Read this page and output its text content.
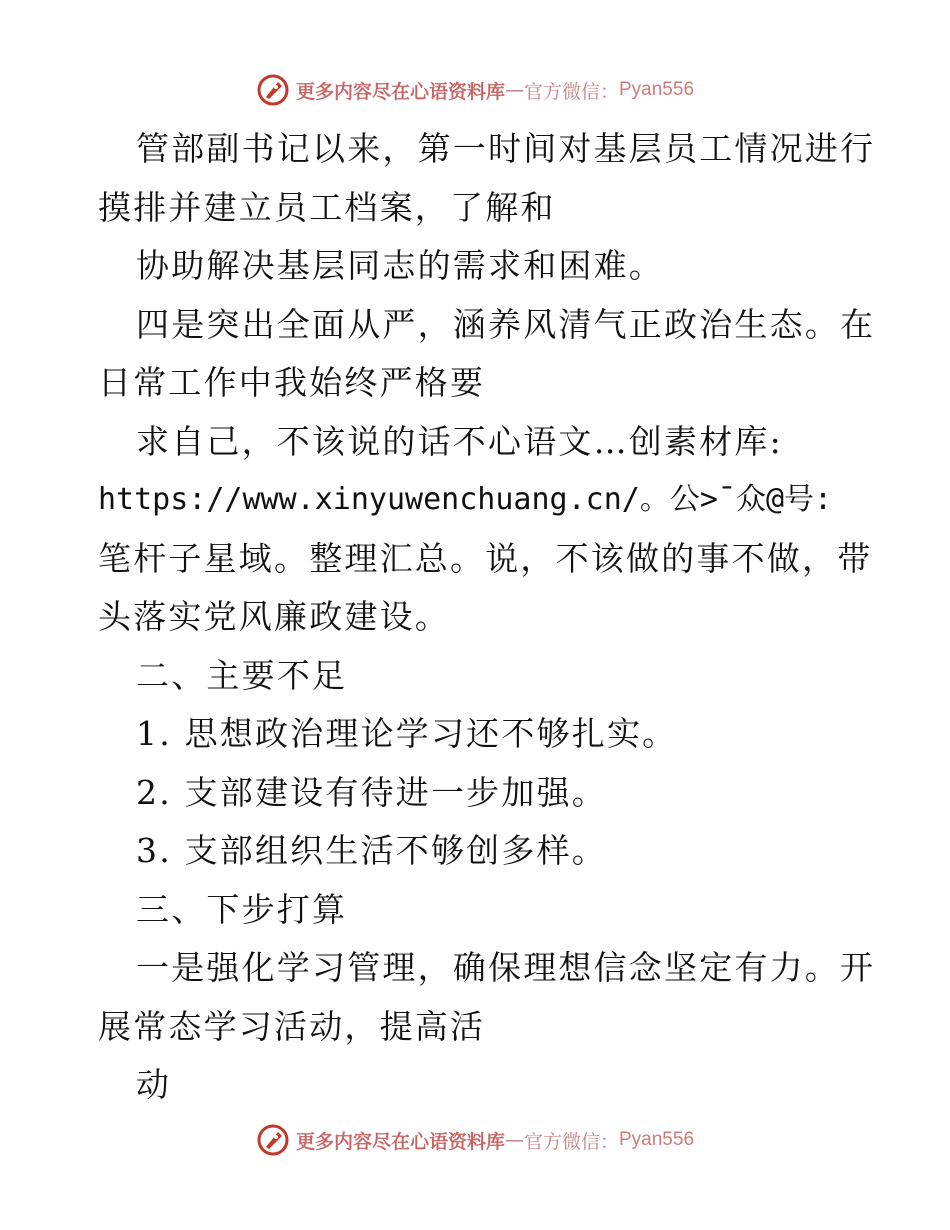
更多内容尽在心语资料库 — 官方微信： Pyan556
管部副书记以来，第一时间对基层员工情况进行
摸排并建立员工档案，了解和
协助解决基层同志的需求和困难。
四是突出全面从严，涵养风清气正政治生态。在
日常工作中我始终严格要
求自己，不该说的话不心语文…创素材库:
https://www.xinyuwenchuang.cn/。公>¯众@号:
笔杆子星域。整理汇总。说，不该做的事不做，带
头落实党风廉政建设。
二、主要不足
1. 思想政治理论学习还不够扎实。
2. 支部建设有待进一步加强。
3. 支部组织生活不够创多样。
三、下步打算
一是强化学习管理，确保理想信念坚定有力。开
展常态学习活动，提高活
动
更多内容尽在心语资料库 — 官方微信： Pyan556
